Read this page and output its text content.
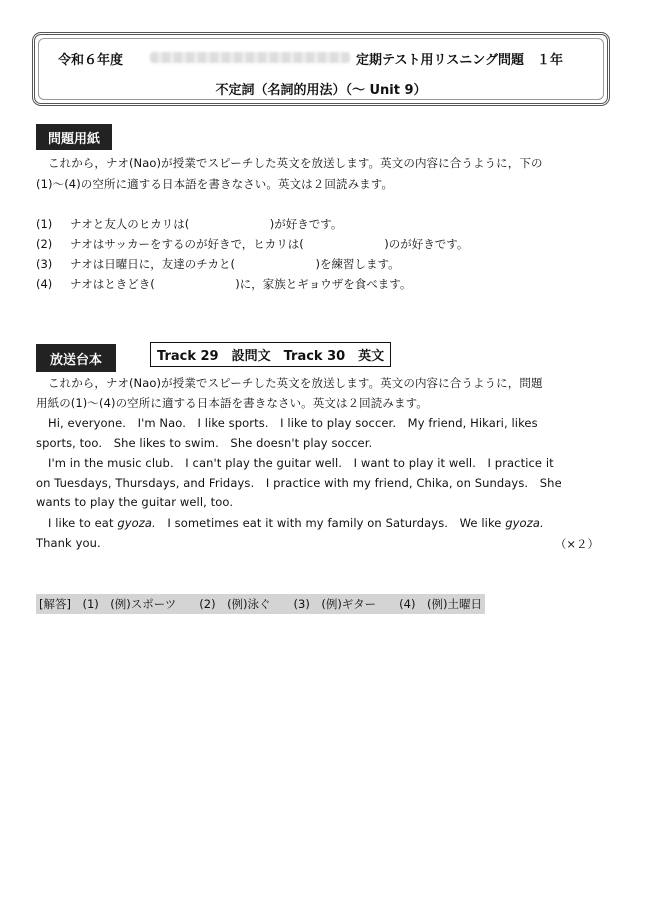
令和６年度	定期テスト用リスニング問題　１年
不定詞（名詞的用法）（～ Unit 9）
問題用紙
これから，ナオ(Nao)が授業でスピーチした英文を放送します。英文の内容に合うように，下の
(1)～(4)の空所に適する日本語を書きなさい。英文は２回読みます。
(1) ナオと友人のヒカリは(　　　　　　　)が好きです。
(2) ナオはサッカーをするのが好きで，ヒカリは(　　　　　　　)のが好きです。
(3) ナオは日曜日に，友達のチカと(　　　　　　　)を練習します。
(4) ナオはときどき(　　　　　　　)に，家族とギョウザを食べます。
放送台本	Track 29　設問文　Track 30　英文
これから，ナオ(Nao)が授業でスピーチした英文を放送します。英文の内容に合うように，問題
用紙の(1)～(4)の空所に適する日本語を書きなさい。英文は２回読みます。
Hi, everyone.　I'm Nao.　I like sports.　I like to play soccer.　My friend, Hikari, likes
sports, too.　She likes to swim.　She doesn't play soccer.
I'm in the music club.　I can't play the guitar well.　I want to play it well.　I practice it
on Tuesdays, Thursdays, and Fridays.　I practice with my friend, Chika, on Sundays.　She
wants to play the guitar well, too.
I like to eat gyoza.　I sometimes eat it with my family on Saturdays.　We like gyoza.
Thank you.	（×２）
[解答]　(1)　(例)スポーツ　　(2)　(例)泳ぐ　　(3)　(例)ギター　　(4)　(例)土曜日
